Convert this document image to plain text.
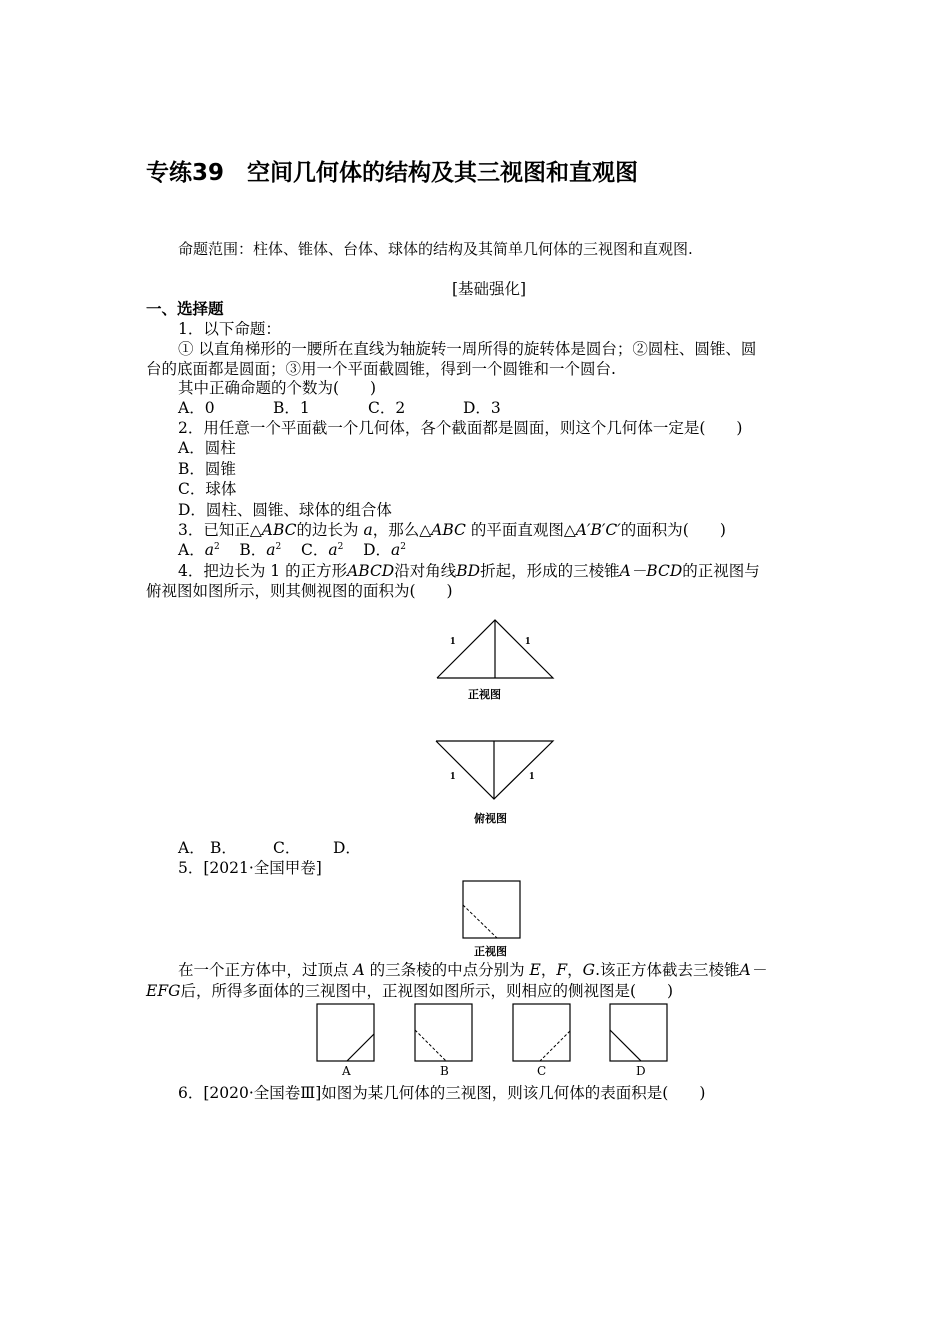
专练39　空间几何体的结构及其三视图和直观图
命题范围：柱体、锥体、台体、球体的结构及其简单几何体的三视图和直观图.
[基础强化]
一、选择题
1．以下命题：
① 以直角梯形的一腰所在直线为轴旋转一周所得的旋转体是圆台；②圆柱、圆锥、圆
台的底面都是圆面；③用一个平面截圆锥，得到一个圆锥和一个圆台.
其中正确命题的个数为(　　)
A．0	B．1	C．2	D．3
2．用任意一个平面截一个几何体，各个截面都是圆面，则这个几何体一定是(　　)
A．圆柱
B．圆锥
C．球体
D．圆柱、圆锥、球体的组合体
3．已知正△ABC的边长为 a，那么△ABC 的平面直观图△A′B′C′的面积为(　　)
A．$a^2$ B．$a^2$ C．$a^2$ D．$a^2$
4．把边长为 1 的正方形ABCD沿对角线BD折起，形成的三棱锥A－BCD的正视图与
俯视图如图所示，则其侧视图的面积为(　　)
1	1
正视图
1	1
俯视图
A． B． C． D．
5．[2021·全国甲卷]
正视图
在一个正方体中，过顶点 A 的三条棱的中点分别为 E，F，G.该正方体截去三棱锥A－
EFG后，所得多面体的三视图中，正视图如图所示，则相应的侧视图是(　　)
A	B	C	D
6．[2020·全国卷Ⅲ]如图为某几何体的三视图，则该几何体的表面积是(　　)
